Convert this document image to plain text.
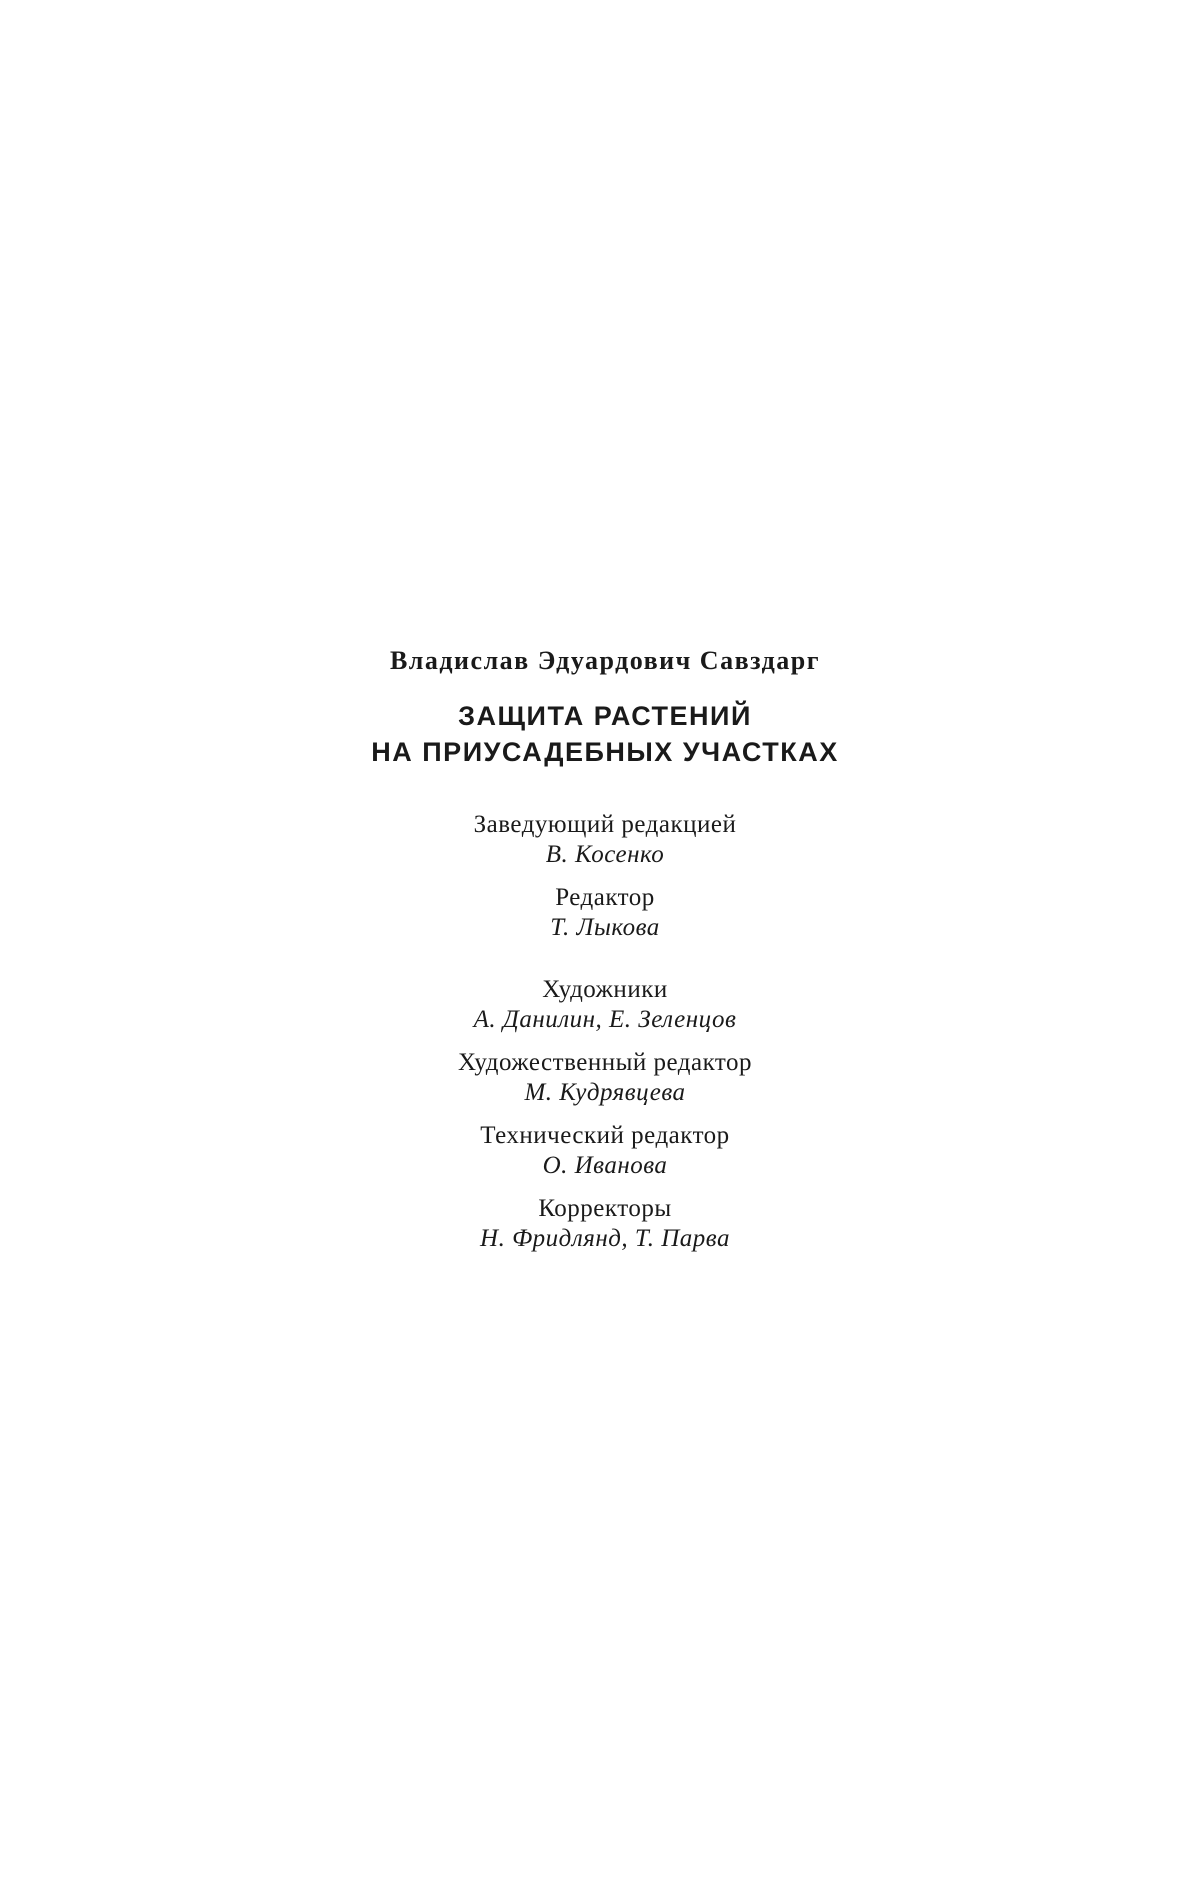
Владислав Эдуардович Савздарг
ЗАЩИТА РАСТЕНИЙ
НА ПРИУСАДЕБНЫХ УЧАСТКАХ
Заведующий редакцией
В. Косенко
Редактор
Т. Лыкова
Художники
А. Данилин, Е. Зеленцов
Художественный редактор
М. Кудрявцева
Технический редактор
О. Иванова
Корректоры
Н. Фридлянд, Т. Парва
